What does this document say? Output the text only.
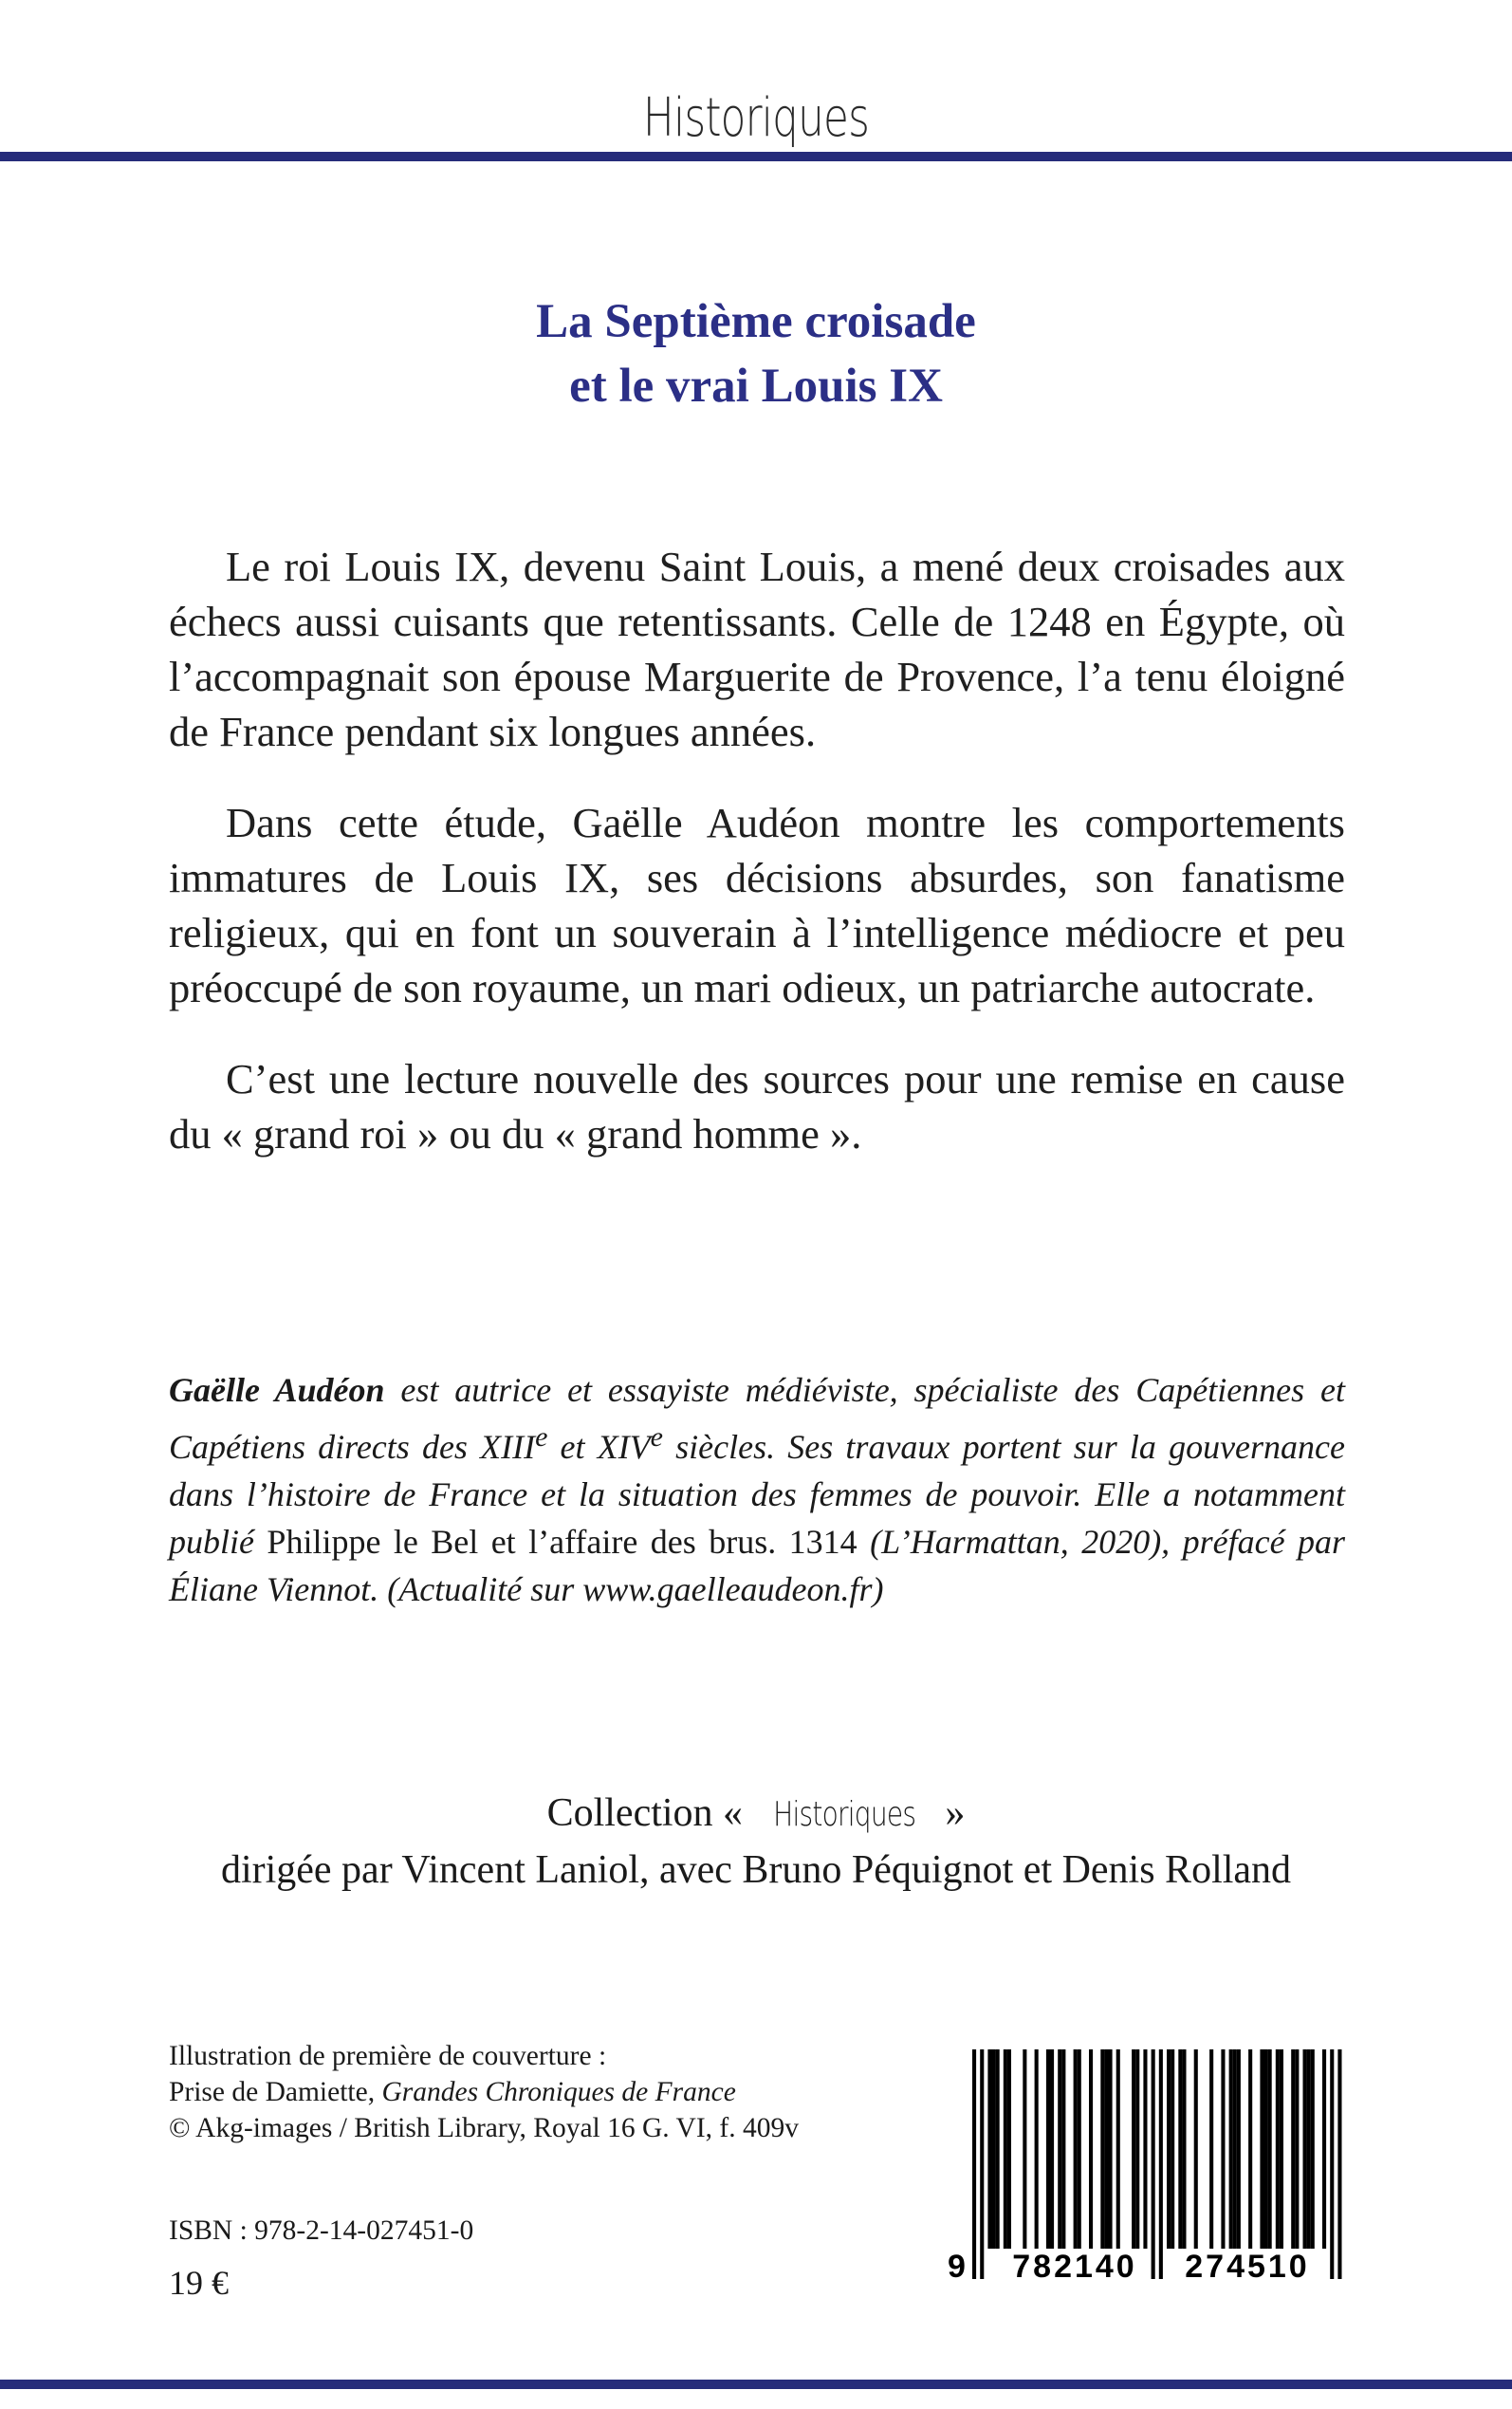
Historiques
La Septième croisade
et le vrai Louis IX

Le roi Louis IX, devenu Saint Louis, a mené deux croisades aux échecs aussi cuisants que retentissants. Celle de 1248 en Égypte, où l’accompagnait son épouse Marguerite de Provence, l’a tenu éloigné de France pendant six longues années.

Dans cette étude, Gaëlle Audéon montre les comportements immatures de Louis IX, ses décisions absurdes, son fanatisme religieux, qui en font un souverain à l’intelligence médiocre et peu préoccupé de son royaume, un mari odieux, un patriarche autocrate.

C’est une lecture nouvelle des sources pour une remise en cause du « grand roi » ou du « grand homme ».

Gaëlle Audéon est autrice et essayiste médiéviste, spécialiste des Capétiennes et Capétiens directs des XIIIe et XIVe siècles. Ses travaux portent sur la gouvernance dans l’histoire de France et la situation des femmes de pouvoir. Elle a notamment publié Philippe le Bel et l’affaire des brus. 1314 (L’Harmattan, 2020), préfacé par Éliane Viennot. (Actualité sur www.gaelleaudeon.fr)
Collection « Historiques »
dirigée par Vincent Laniol, avec Bruno Péquignot et Denis Rolland
Illustration de première de couverture :
Prise de Damiette, Grandes Chroniques de France
© Akg-images / British Library, Royal 16 G. VI, f. 409v
ISBN : 978-2-14-027451-0
19 €	9 782140 274510
